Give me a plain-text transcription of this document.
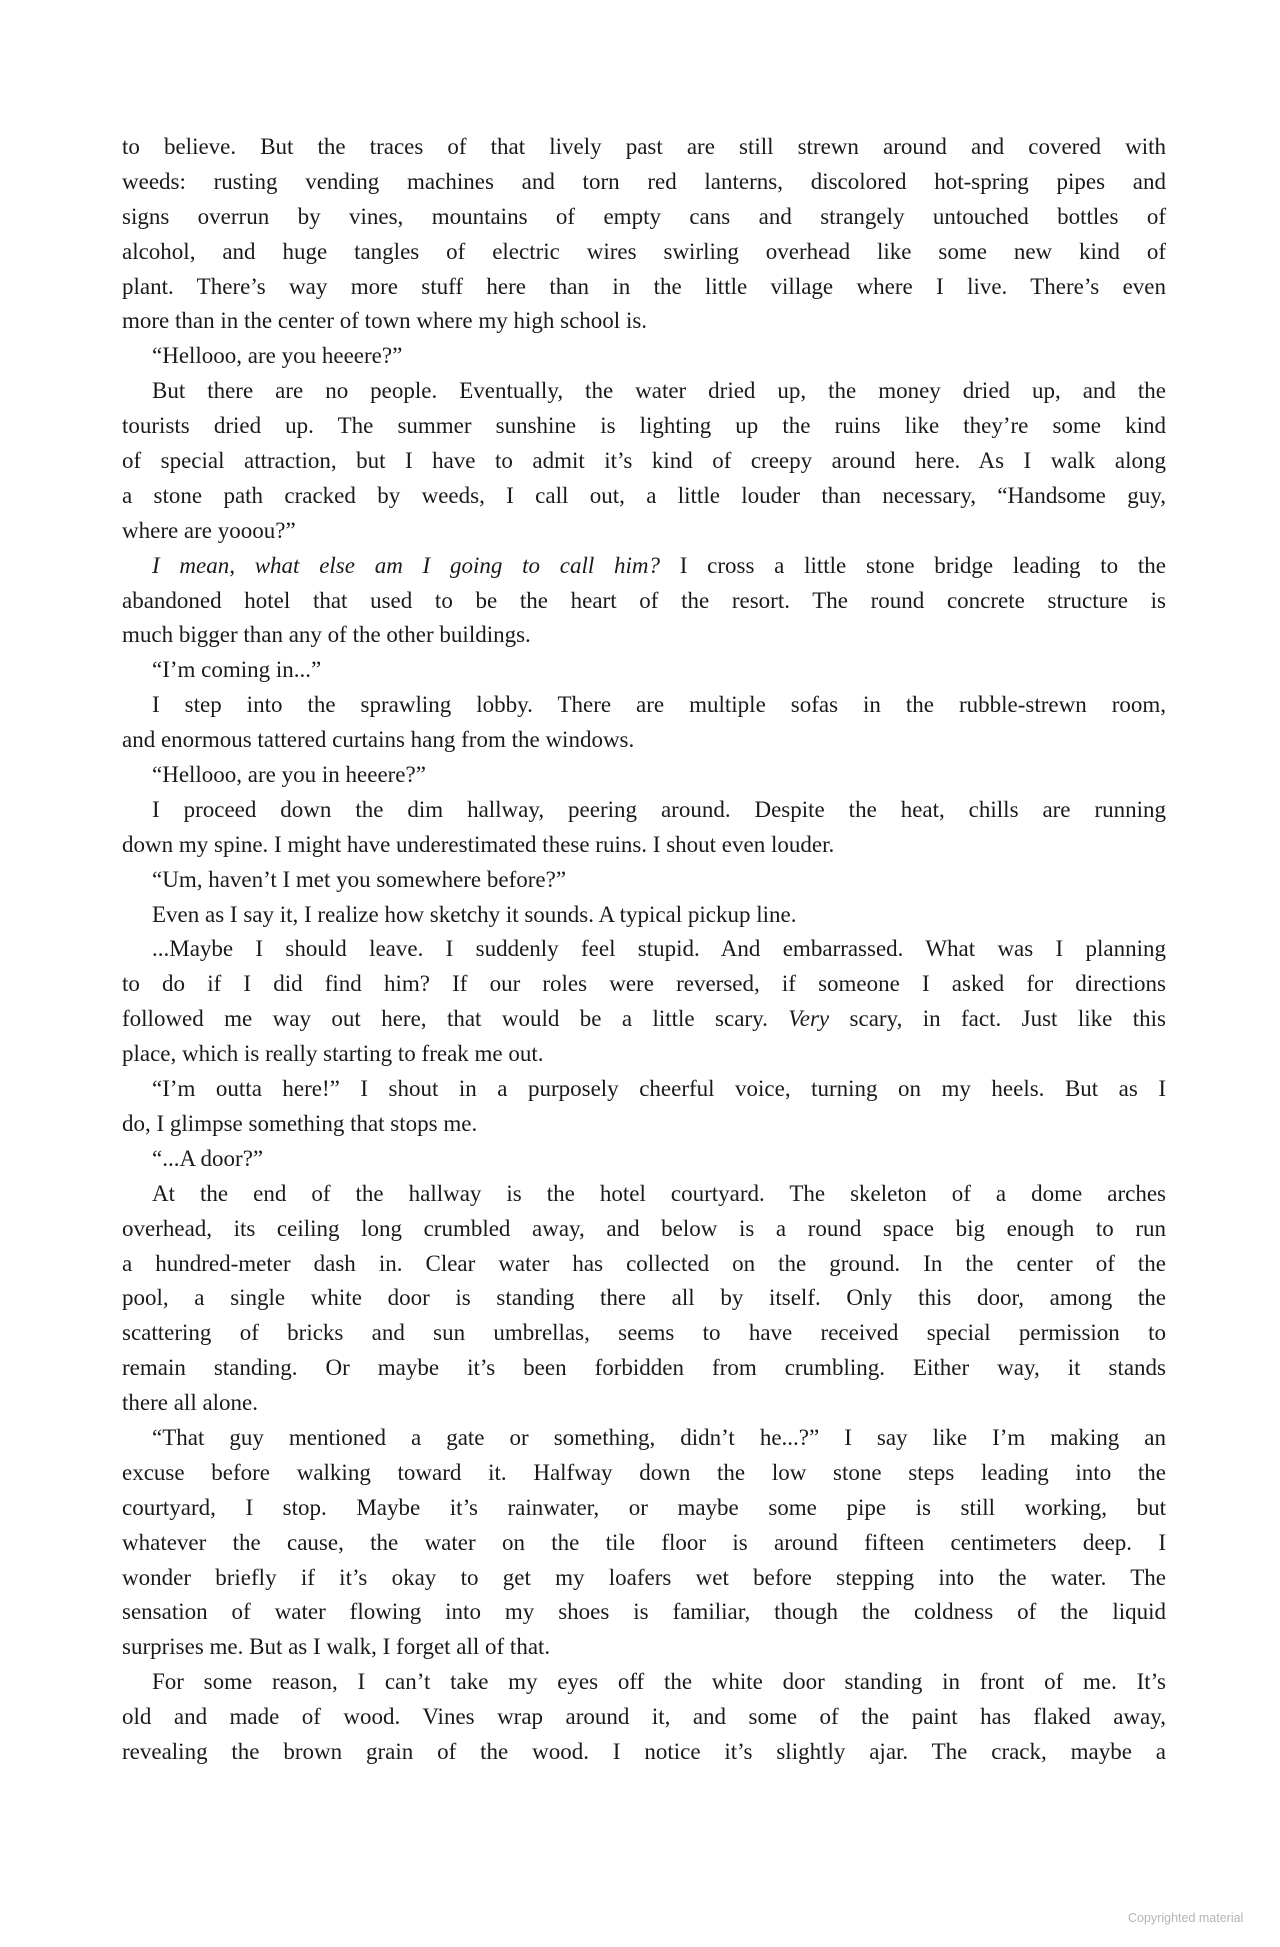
to believe. But the traces of that lively past are still strewn around and covered with
weeds: rusting vending machines and torn red lanterns, discolored hot-spring pipes and
signs overrun by vines, mountains of empty cans and strangely untouched bottles of
alcohol, and huge tangles of electric wires swirling overhead like some new kind of
plant. There’s way more stuff here than in the little village where I live. There’s even
more than in the center of town where my high school is.
“Hellooo, are you heeere?”
But there are no people. Eventually, the water dried up, the money dried up, and the
tourists dried up. The summer sunshine is lighting up the ruins like they’re some kind
of special attraction, but I have to admit it’s kind of creepy around here. As I walk along
a stone path cracked by weeds, I call out, a little louder than necessary, “Handsome guy,
where are yooou?”
I mean, what else am I going to call him? I cross a little stone bridge leading to the
abandoned hotel that used to be the heart of the resort. The round concrete structure is
much bigger than any of the other buildings.
“I’m coming in...”
I step into the sprawling lobby. There are multiple sofas in the rubble-strewn room,
and enormous tattered curtains hang from the windows.
“Hellooo, are you in heeere?”
I proceed down the dim hallway, peering around. Despite the heat, chills are running
down my spine. I might have underestimated these ruins. I shout even louder.
“Um, haven’t I met you somewhere before?”
Even as I say it, I realize how sketchy it sounds. A typical pickup line.
...Maybe I should leave. I suddenly feel stupid. And embarrassed. What was I planning
to do if I did find him? If our roles were reversed, if someone I asked for directions
followed me way out here, that would be a little scary. Very scary, in fact. Just like this
place, which is really starting to freak me out.
“I’m outta here!” I shout in a purposely cheerful voice, turning on my heels. But as I
do, I glimpse something that stops me.
“...A door?”
At the end of the hallway is the hotel courtyard. The skeleton of a dome arches
overhead, its ceiling long crumbled away, and below is a round space big enough to run
a hundred-meter dash in. Clear water has collected on the ground. In the center of the
pool, a single white door is standing there all by itself. Only this door, among the
scattering of bricks and sun umbrellas, seems to have received special permission to
remain standing. Or maybe it’s been forbidden from crumbling. Either way, it stands
there all alone.
“That guy mentioned a gate or something, didn’t he...?” I say like I’m making an
excuse before walking toward it. Halfway down the low stone steps leading into the
courtyard, I stop. Maybe it’s rainwater, or maybe some pipe is still working, but
whatever the cause, the water on the tile floor is around fifteen centimeters deep. I
wonder briefly if it’s okay to get my loafers wet before stepping into the water. The
sensation of water flowing into my shoes is familiar, though the coldness of the liquid
surprises me. But as I walk, I forget all of that.
For some reason, I can’t take my eyes off the white door standing in front of me. It’s
old and made of wood. Vines wrap around it, and some of the paint has flaked away,
revealing the brown grain of the wood. I notice it’s slightly ajar. The crack, maybe a
Copyrighted material
